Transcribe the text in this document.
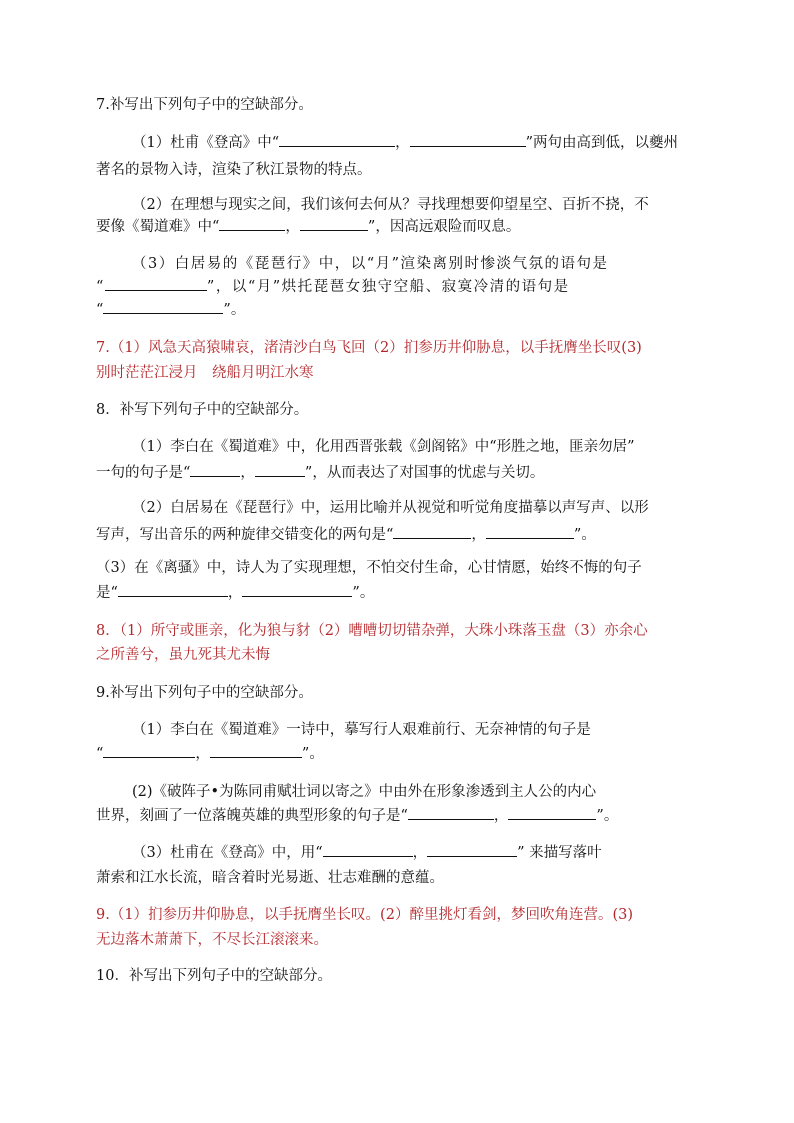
7.补写出下列句子中的空缺部分。

（1）杜甫《登高》中“	，	”两句由高到低，以夔州

著名的景物入诗，渲染了秋江景物的特点。

（2）在理想与现实之间，我们该何去何从？寻找理想要仰望星空、百折不挠，不

要像《蜀道难》中“	，	”，因高远艰险而叹息。

（3）白居易的《琵琶行》中，以“月”渲染离别时惨淡气氛的语句是

“	”，以“月”烘托琵琶女独守空船、寂寞冷清的语句是

“	”。

7.（1）风急天高猿啸哀，渚清沙白鸟飞回（2）扪参历井仰胁息，以手抚膺坐长叹(3)

别时茫茫江浸月　绕船月明江水寒

8．补写下列句子中的空缺部分。

（1）李白在《蜀道难》中，化用西晋张载《剑阁铭》中“形胜之地，匪亲勿居”

一句的句子是“	，	”，从而表达了对国事的忧虑与关切。

（2）白居易在《琵琶行》中，运用比喻并从视觉和听觉角度描摹以声写声、以形

写声，写出音乐的两种旋律交错变化的两句是“	，	”。

（3）在《离骚》中，诗人为了实现理想，不怕交付生命，心甘情愿，始终不悔的句子

是“	，	”。

8．（1）所守或匪亲，化为狼与豺（2）嘈嘈切切错杂弹，大珠小珠落玉盘（3）亦余心

之所善兮，虽九死其尤未悔

9.补写出下列句子中的空缺部分。

（1）李白在《蜀道难》一诗中，摹写行人艰难前行、无奈神情的句子是

“	，	”。

(2)《破阵子•为陈同甫赋壮词以寄之》中由外在形象渗透到主人公的内心

世界，刻画了一位落魄英雄的典型形象的句子是“	，	”。

（3）杜甫在《登高》中，用“	，	” 来描写落叶

萧索和江水长流，暗含着时光易逝、壮志难酬的意蕴。

9.（1）扪参历井仰胁息，以手抚膺坐长叹。(2）醉里挑灯看剑，梦回吹角连营。(3)

无边落木萧萧下，不尽长江滚滚来。

10．补写出下列句子中的空缺部分。
